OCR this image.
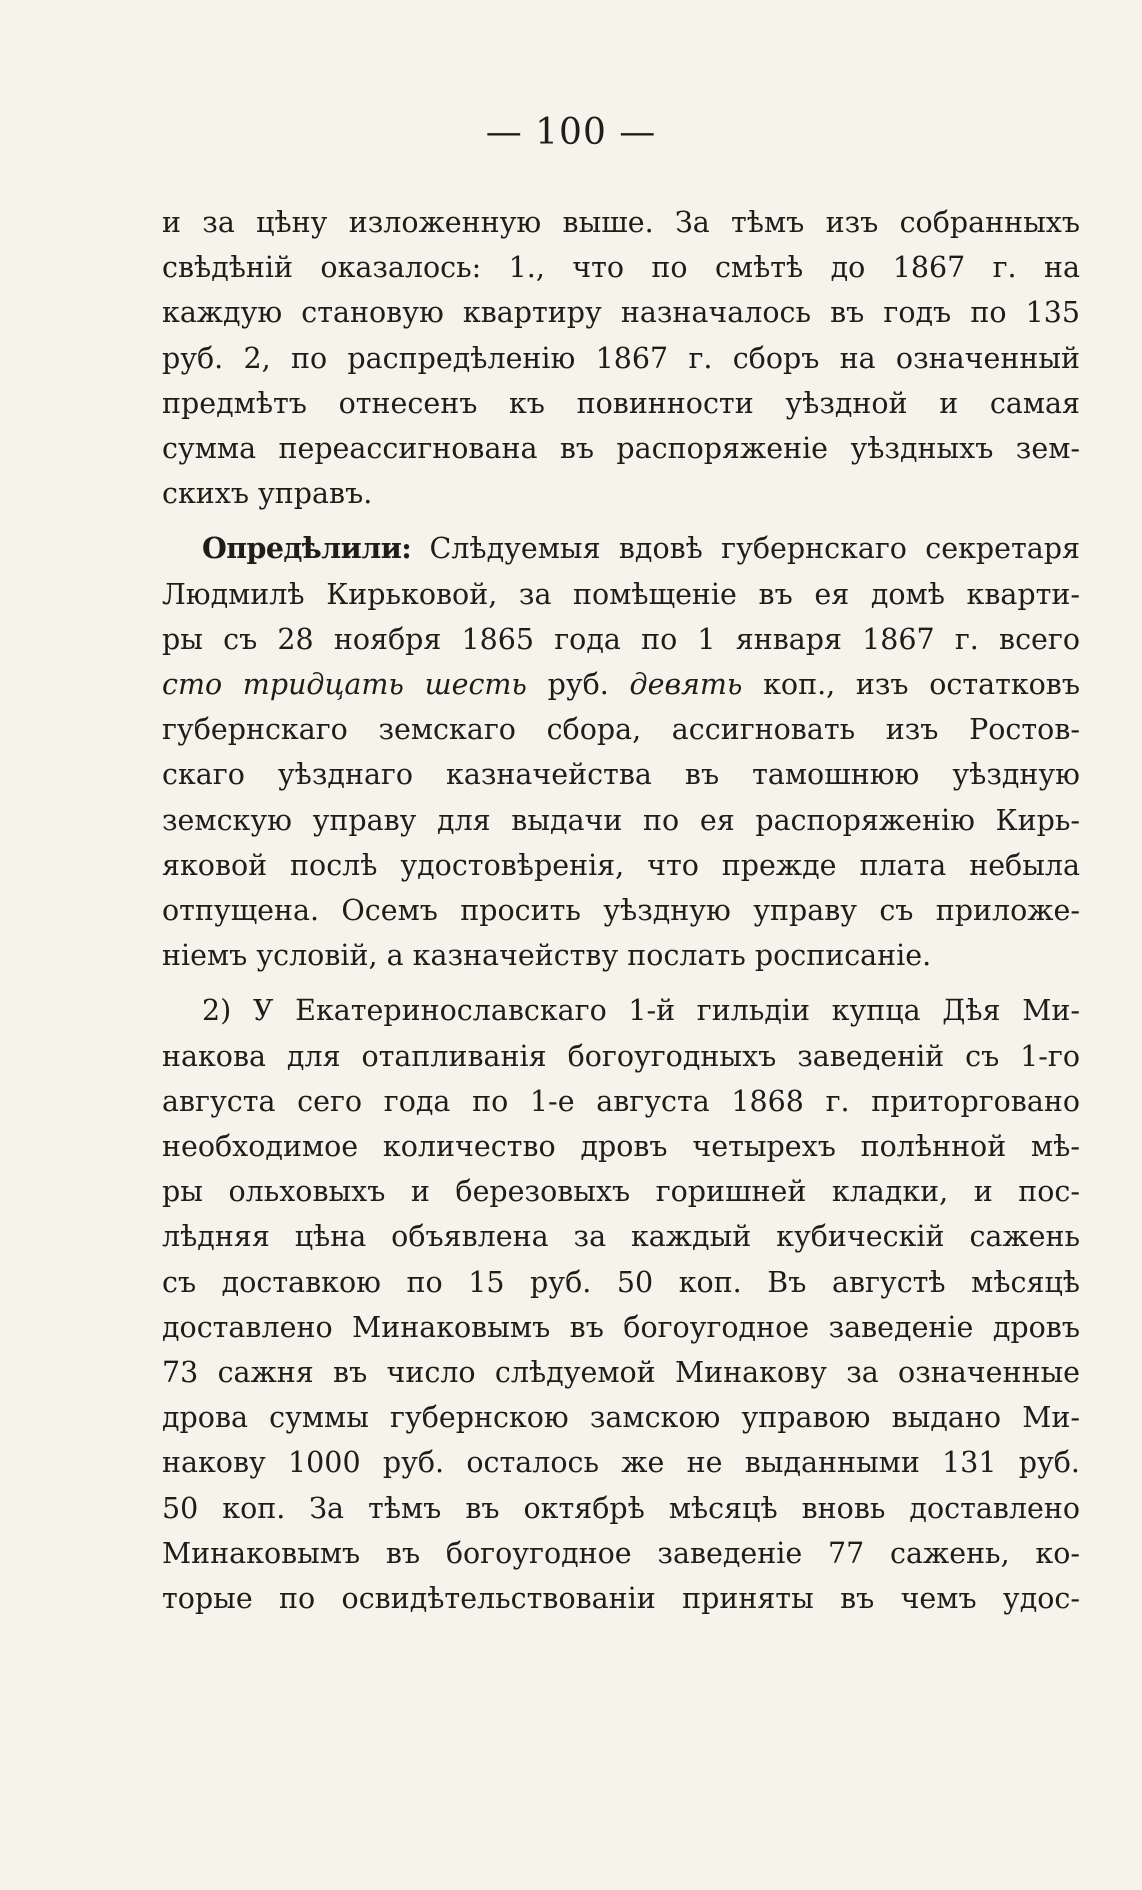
— 100 —
и за цѣну изложенную выше. За тѣмъ изъ собранныхъ
свѣдѣній оказалось: 1., что по смѣтѣ до 1867 г. на
каждую становую квартиру назначалось въ годъ по 135
руб. 2, по распредѣленію 1867 г. сборъ на означенный
предмѣтъ отнесенъ къ повинности уѣздной и самая
сумма переассигнована въ распоряженіе уѣздныхъ зем-
скихъ управъ.
Опредѣлили: Слѣдуемыя вдовѣ губернскаго секретаря
Людмилѣ Кирьковой, за помѣщеніе въ ея домѣ кварти-
ры съ 28 ноября 1865 года по 1 января 1867 г. всего
сто тридцать шесть руб. девять коп., изъ остатковъ
губернскаго земскаго сбора, ассигновать изъ Ростов-
скаго уѣзднаго казначейства въ тамошнюю уѣздную
земскую управу для выдачи по ея распоряженію Кирь-
яковой послѣ удостовѣренія, что прежде плата небыла
отпущена. Осемъ просить уѣздную управу съ приложе-
ніемъ условій, а казначейству послать росписаніе.
2) У Екатеринославскаго 1-й гильдіи купца Дѣя Ми-
накова для отапливанія богоугодныхъ заведеній съ 1-го
августа сего года по 1-е августа 1868 г. приторговано
необходимое количество дровъ четырехъ полѣнной мѣ-
ры ольховыхъ и березовыхъ горишней кладки, и пос-
лѣдняя цѣна объявлена за каждый кубическій сажень
съ доставкою по 15 руб. 50 коп. Въ августѣ мѣсяцѣ
доставлено Минаковымъ въ богоугодное заведеніе дровъ
73 сажня въ число слѣдуемой Минакову за означенные
дрова суммы губернскою замскою управою выдано Ми-
накову 1000 руб. осталось же не выданными 131 руб.
50 коп. За тѣмъ въ октябрѣ мѣсяцѣ вновь доставлено
Минаковымъ въ богоугодное заведеніе 77 сажень, ко-
торые по освидѣтельствованіи приняты въ чемъ удос-
